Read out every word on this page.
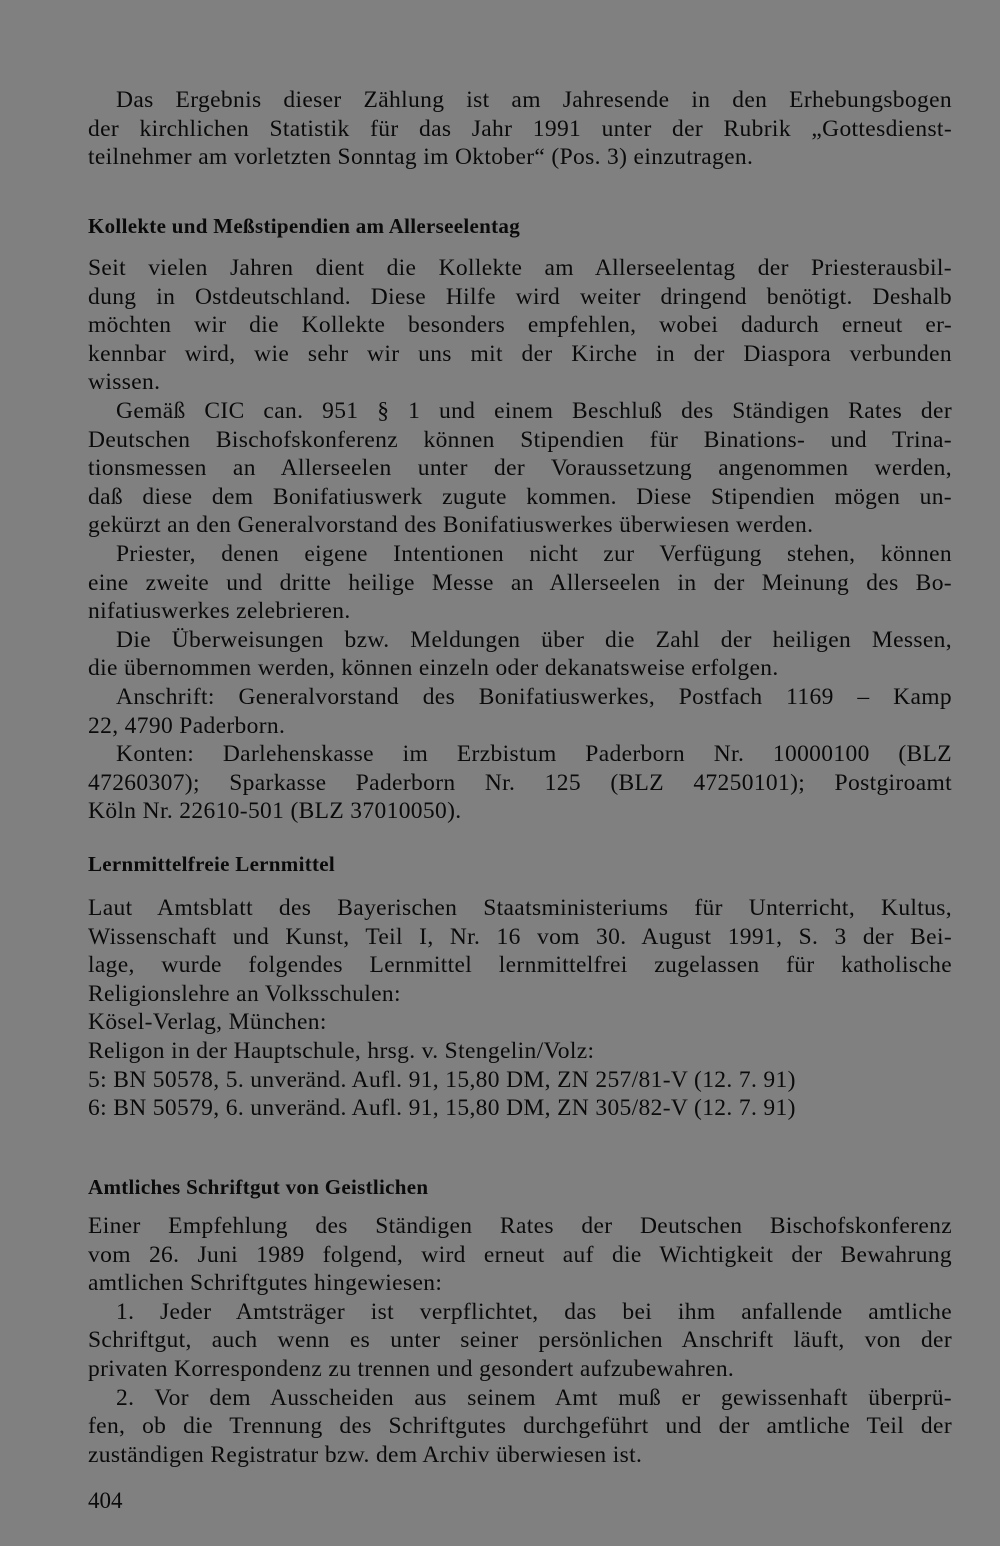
Das Ergebnis dieser Zählung ist am Jahresende in den Erhebungsbogen
der kirchlichen Statistik für das Jahr 1991 unter der Rubrik „Gottesdienst-
teilnehmer am vorletzten Sonntag im Oktober“ (Pos. 3) einzutragen.
Kollekte und Meßstipendien am Allerseelentag
Seit vielen Jahren dient die Kollekte am Allerseelentag der Priesterausbil-
dung in Ostdeutschland. Diese Hilfe wird weiter dringend benötigt. Deshalb
möchten wir die Kollekte besonders empfehlen, wobei dadurch erneut er-
kennbar wird, wie sehr wir uns mit der Kirche in der Diaspora verbunden
wissen.
Gemäß CIC can. 951 § 1 und einem Beschluß des Ständigen Rates der
Deutschen Bischofskonferenz können Stipendien für Binations- und Trina-
tionsmessen an Allerseelen unter der Voraussetzung angenommen werden,
daß diese dem Bonifatiuswerk zugute kommen. Diese Stipendien mögen un-
gekürzt an den Generalvorstand des Bonifatiuswerkes überwiesen werden.
Priester, denen eigene Intentionen nicht zur Verfügung stehen, können
eine zweite und dritte heilige Messe an Allerseelen in der Meinung des Bo-
nifatiuswerkes zelebrieren.
Die Überweisungen bzw. Meldungen über die Zahl der heiligen Messen,
die übernommen werden, können einzeln oder dekanatsweise erfolgen.
Anschrift: Generalvorstand des Bonifatiuswerkes, Postfach 1169 – Kamp
22, 4790 Paderborn.
Konten: Darlehenskasse im Erzbistum Paderborn Nr. 10000100 (BLZ
47260307); Sparkasse Paderborn Nr. 125 (BLZ 47250101); Postgiroamt
Köln Nr. 22610-501 (BLZ 37010050).
Lernmittelfreie Lernmittel
Laut Amtsblatt des Bayerischen Staatsministeriums für Unterricht, Kultus,
Wissenschaft und Kunst, Teil I, Nr. 16 vom 30. August 1991, S. 3 der Bei-
lage, wurde folgendes Lernmittel lernmittelfrei zugelassen für katholische
Religionslehre an Volksschulen:
Kösel-Verlag, München:
Religon in der Hauptschule, hrsg. v. Stengelin/Volz:
5: BN 50578, 5. unveränd. Aufl. 91, 15,80 DM, ZN 257/81-V (12. 7. 91)
6: BN 50579, 6. unveränd. Aufl. 91, 15,80 DM, ZN 305/82-V (12. 7. 91)
Amtliches Schriftgut von Geistlichen
Einer Empfehlung des Ständigen Rates der Deutschen Bischofskonferenz
vom 26. Juni 1989 folgend, wird erneut auf die Wichtigkeit der Bewahrung
amtlichen Schriftgutes hingewiesen:
1. Jeder Amtsträger ist verpflichtet, das bei ihm anfallende amtliche
Schriftgut, auch wenn es unter seiner persönlichen Anschrift läuft, von der
privaten Korrespondenz zu trennen und gesondert aufzubewahren.
2. Vor dem Ausscheiden aus seinem Amt muß er gewissenhaft überprü-
fen, ob die Trennung des Schriftgutes durchgeführt und der amtliche Teil der
zuständigen Registratur bzw. dem Archiv überwiesen ist.
404
